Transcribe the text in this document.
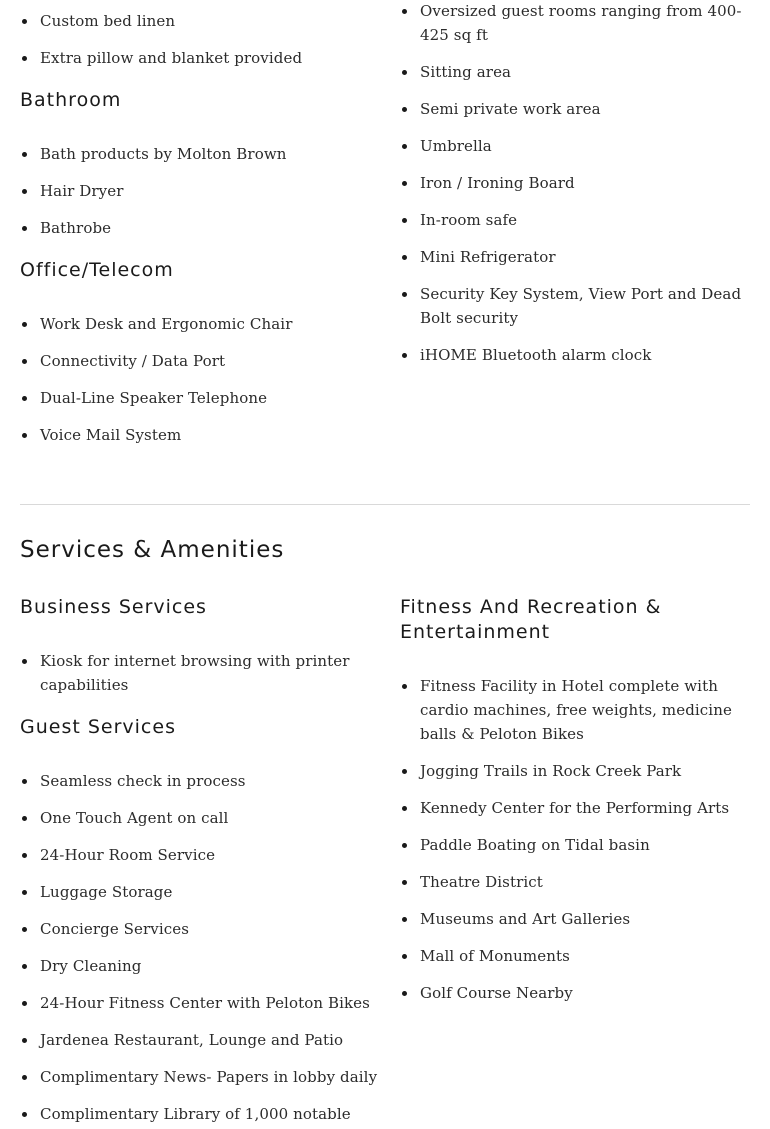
Custom bed linen
Extra pillow and blanket provided
Bathroom
Bath products by Molton Brown
Hair Dryer
Bathrobe
Office/Telecom
Work Desk and Ergonomic Chair
Connectivity / Data Port
Dual-Line Speaker Telephone
Voice Mail System
Oversized guest rooms ranging from 400-425 sq ft
Sitting area
Semi private work area
Umbrella
Iron / Ironing Board
In-room safe
Mini Refrigerator
Security Key System, View Port and Dead Bolt security
iHOME Bluetooth alarm clock
Services & Amenities
Business Services
Kiosk for internet browsing with printer capabilities
Guest Services
Seamless check in process
One Touch Agent on call
24-Hour Room Service
Luggage Storage
Concierge Services
Dry Cleaning
24-Hour Fitness Center with Peloton Bikes
Jardenea Restaurant, Lounge and Patio
Complimentary News- Papers in lobby daily
Complimentary Library of 1,000 notable
Fitness And Recreation & Entertainment
Fitness Facility in Hotel complete with cardio machines, free weights, medicine balls & Peloton Bikes
Jogging Trails in Rock Creek Park
Kennedy Center for the Performing Arts
Paddle Boating on Tidal basin
Theatre District
Museums and Art Galleries
Mall of Monuments
Golf Course Nearby
